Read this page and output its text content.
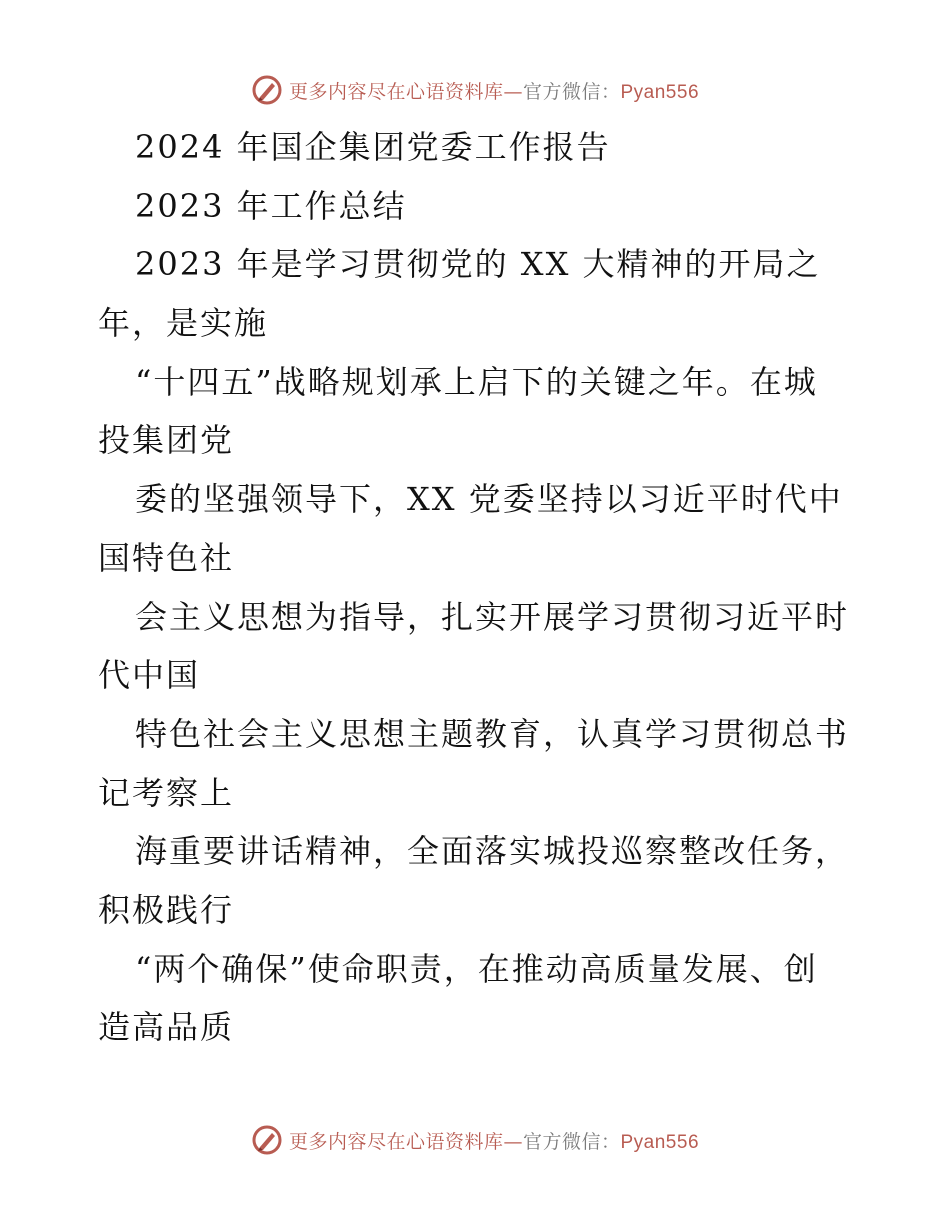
更多内容尽在心语资料库—官方微信：Pyan556
2024 年国企集团党委工作报告
2023 年工作总结
2023 年是学习贯彻党的 XX 大精神的开局之
年，是实施
“十四五”战略规划承上启下的关键之年。在城
投集团党
委的坚强领导下，XX 党委坚持以习近平时代中
国特色社
会主义思想为指导，扎实开展学习贯彻习近平时
代中国
特色社会主义思想主题教育，认真学习贯彻总书
记考察上
海重要讲话精神，全面落实城投巡察整改任务，
积极践行
“两个确保”使命职责，在推动高质量发展、创
造高品质
更多内容尽在心语资料库—官方微信：Pyan556
